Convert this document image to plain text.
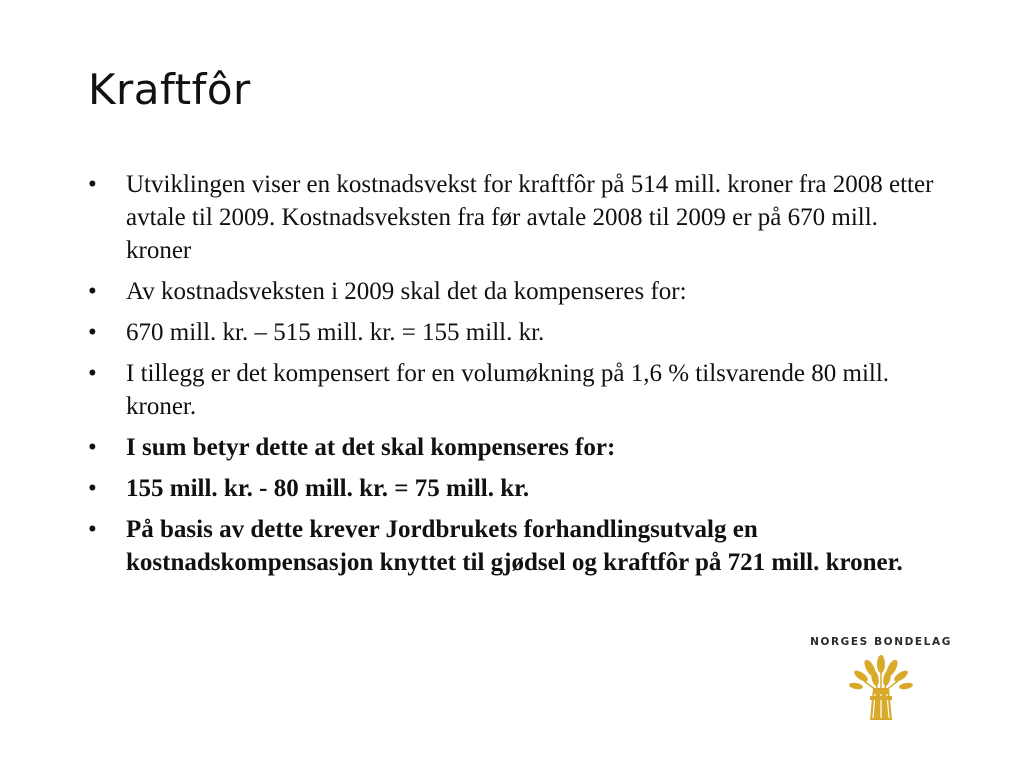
Kraftfôr
• Utviklingen viser en kostnadsvekst for kraftfôr på 514 mill. kroner fra 2008 etter avtale til 2009. Kostnadsveksten fra før avtale 2008 til 2009 er på 670 mill. kroner
• Av kostnadsveksten i 2009 skal det da kompenseres for:
• 670 mill. kr. – 515 mill. kr. = 155 mill. kr.
• I tillegg er det kompensert for en volumøkning på 1,6 % tilsvarende 80 mill. kroner.
• I sum betyr dette at det skal kompenseres for:
• 155 mill. kr. - 80 mill. kr. = 75 mill. kr.
• På basis av dette krever Jordbrukets forhandlingsutvalg en kostnadskompensasjon knyttet til gjødsel og kraftfôr på 721 mill. kroner.
NORGES BONDELAG
